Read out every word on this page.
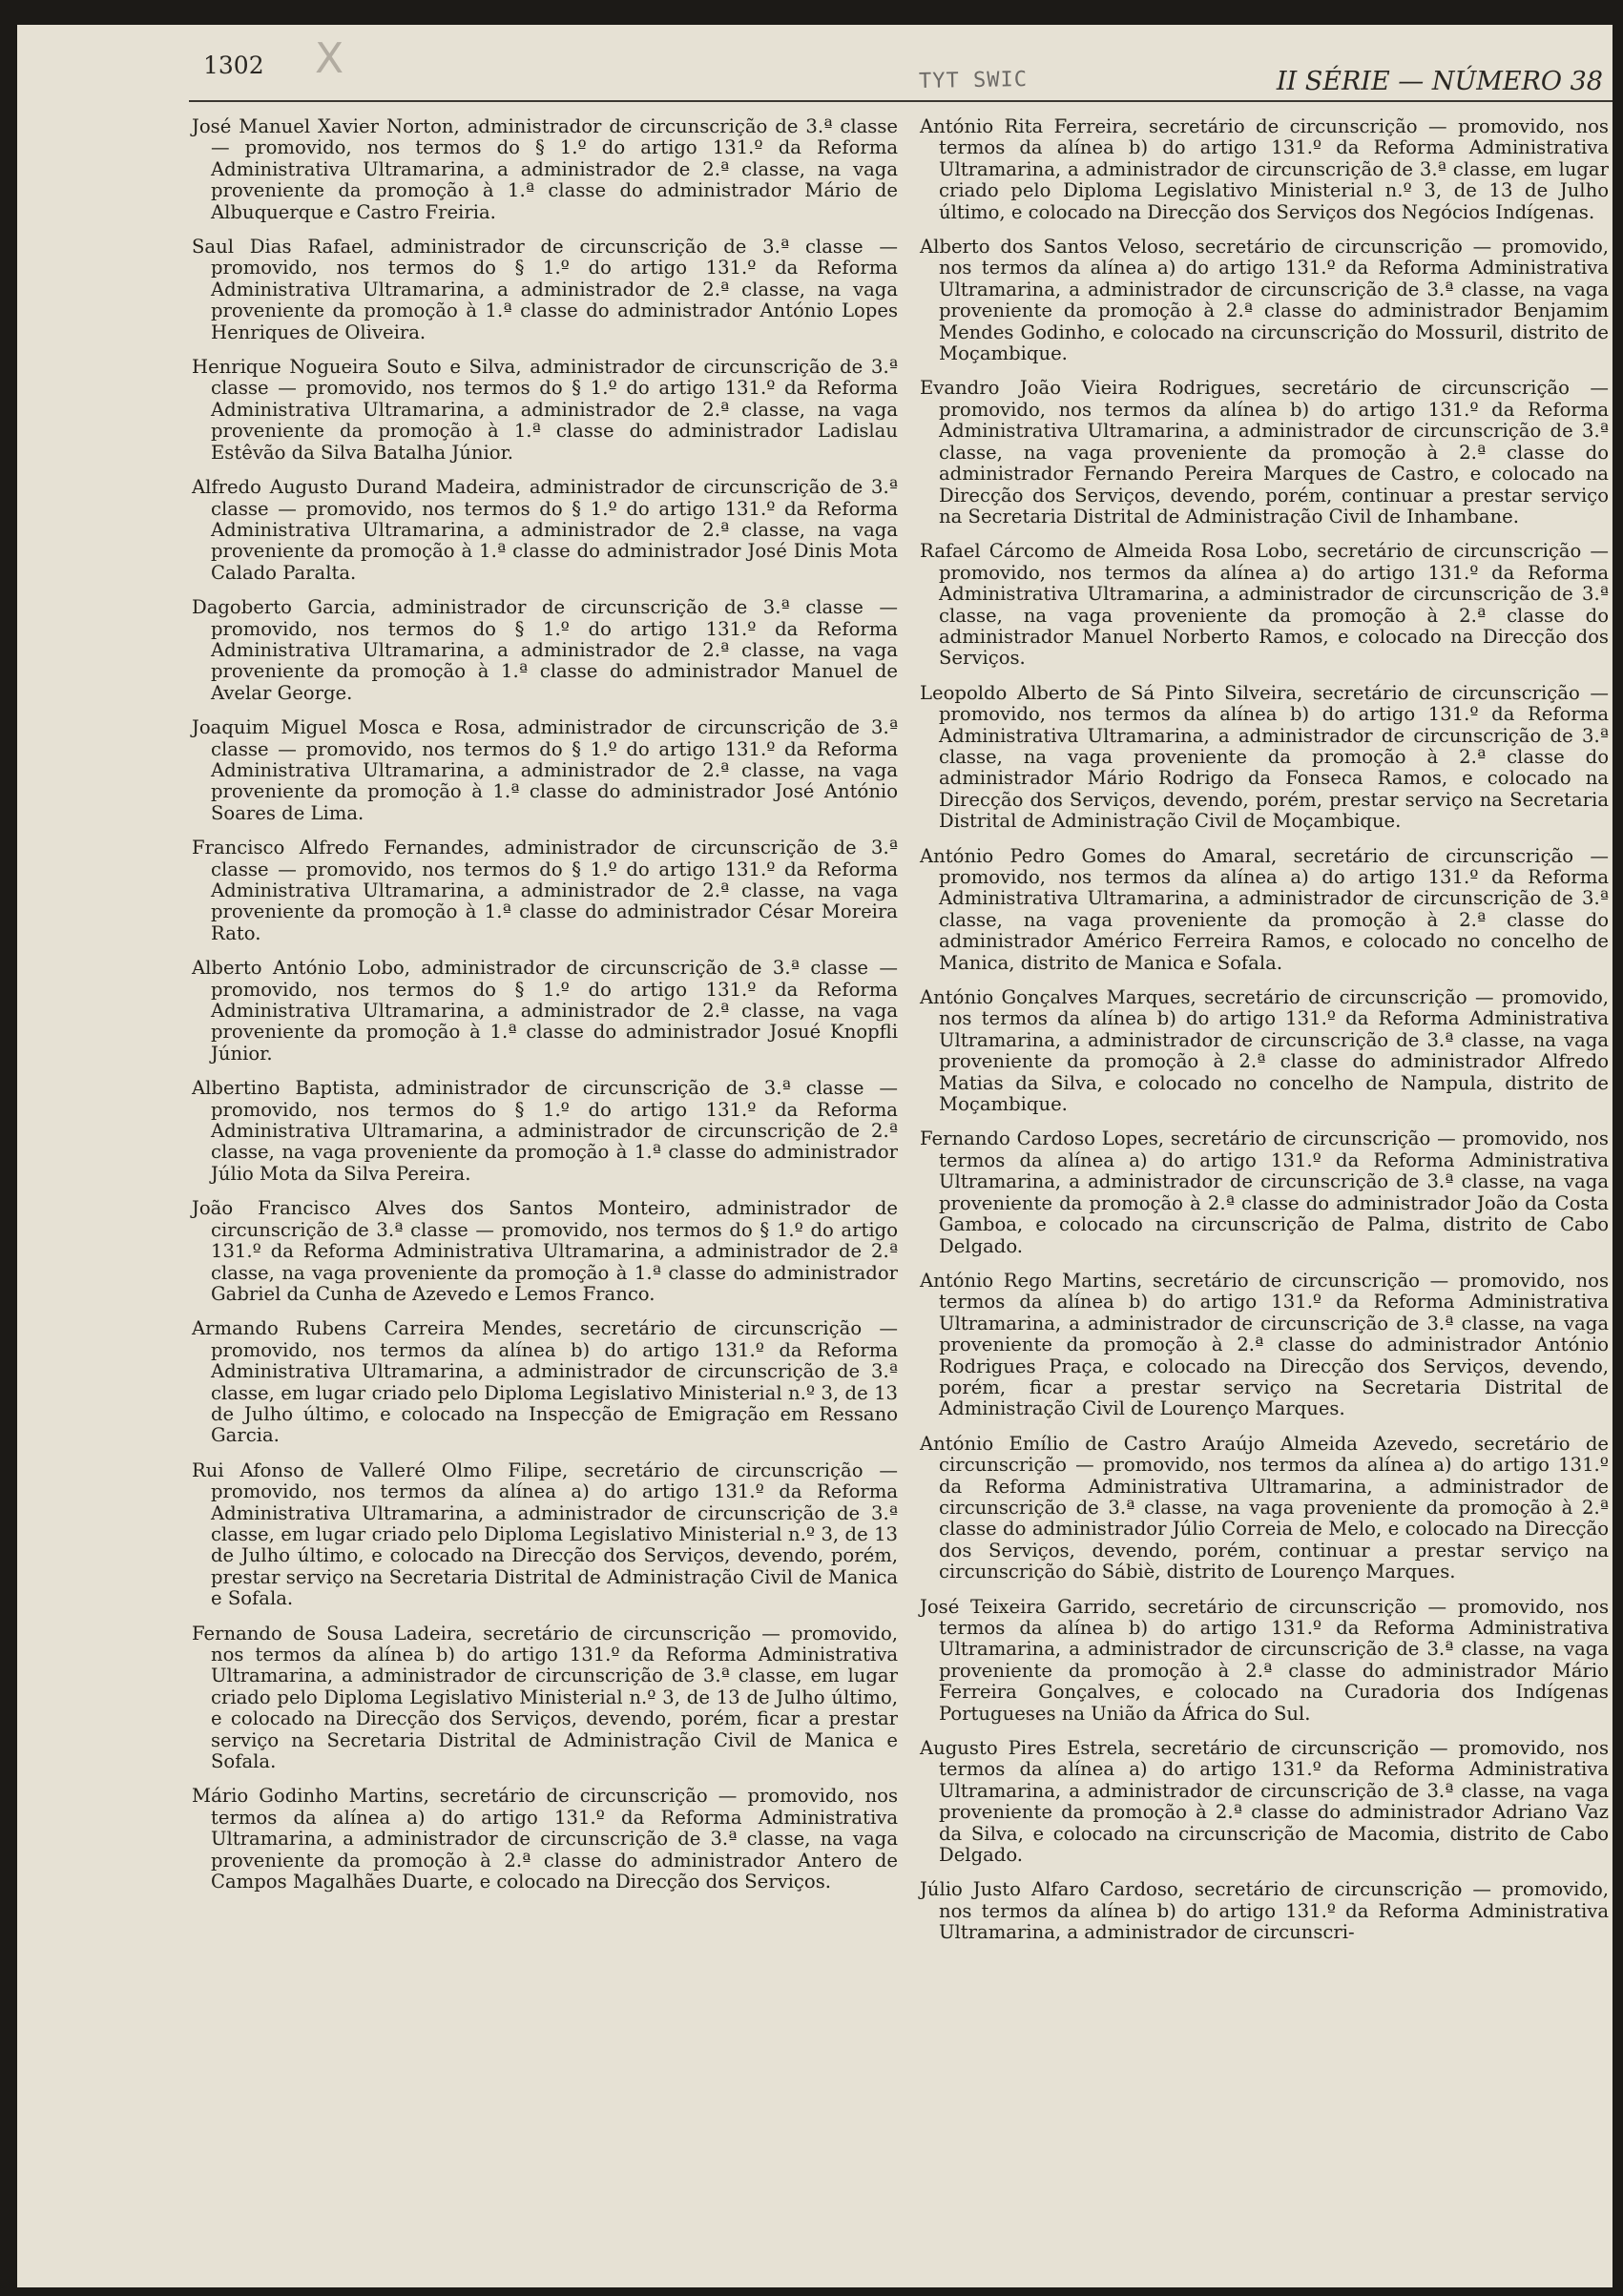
1302 X	ΤΥΤ SWIC	II SÉRIE — NÚMERO 38

José Manuel Xavier Norton, administrador de circunscrição de 3.ª classe — promovido, nos termos do § 1.º do artigo 131.º da Reforma Administrativa Ultramarina, a administrador de 2.ª classe, na vaga proveniente da promoção à 1.ª classe do administrador Mário de Albuquerque e Castro Freiria.

Saul Dias Rafael, administrador de circunscrição de 3.ª classe — promovido, nos termos do § 1.º do artigo 131.º da Reforma Administrativa Ultramarina, a administrador de 2.ª classe, na vaga proveniente da promoção à 1.ª classe do administrador António Lopes Henriques de Oliveira.

Henrique Nogueira Souto e Silva, administrador de circunscrição de 3.ª classe — promovido, nos termos do § 1.º do artigo 131.º da Reforma Administrativa Ultramarina, a administrador de 2.ª classe, na vaga proveniente da promoção à 1.ª classe do administrador Ladislau Estêvão da Silva Batalha Júnior.

Alfredo Augusto Durand Madeira, administrador de circunscrição de 3.ª classe — promovido, nos termos do § 1.º do artigo 131.º da Reforma Administrativa Ultramarina, a administrador de 2.ª classe, na vaga proveniente da promoção à 1.ª classe do administrador José Dinis Mota Calado Paralta.

Dagoberto Garcia, administrador de circunscrição de 3.ª classe — promovido, nos termos do § 1.º do artigo 131.º da Reforma Administrativa Ultramarina, a administrador de 2.ª classe, na vaga proveniente da promoção à 1.ª classe do administrador Manuel de Avelar George.

Joaquim Miguel Mosca e Rosa, administrador de circunscrição de 3.ª classe — promovido, nos termos do § 1.º do artigo 131.º da Reforma Administrativa Ultramarina, a administrador de 2.ª classe, na vaga proveniente da promoção à 1.ª classe do administrador José António Soares de Lima.

Francisco Alfredo Fernandes, administrador de circunscrição de 3.ª classe — promovido, nos termos do § 1.º do artigo 131.º da Reforma Administrativa Ultramarina, a administrador de 2.ª classe, na vaga proveniente da promoção à 1.ª classe do administrador César Moreira Rato.

Alberto António Lobo, administrador de circunscrição de 3.ª classe — promovido, nos termos do § 1.º do artigo 131.º da Reforma Administrativa Ultramarina, a administrador de 2.ª classe, na vaga proveniente da promoção à 1.ª classe do administrador Josué Knopfli Júnior.

Albertino Baptista, administrador de circunscrição de 3.ª classe — promovido, nos termos do § 1.º do artigo 131.º da Reforma Administrativa Ultramarina, a administrador de circunscrição de 2.ª classe, na vaga proveniente da promoção à 1.ª classe do administrador Júlio Mota da Silva Pereira.

João Francisco Alves dos Santos Monteiro, administrador de circunscrição de 3.ª classe — promovido, nos termos do § 1.º do artigo 131.º da Reforma Administrativa Ultramarina, a administrador de 2.ª classe, na vaga proveniente da promoção à 1.ª classe do administrador Gabriel da Cunha de Azevedo e Lemos Franco.

Armando Rubens Carreira Mendes, secretário de circunscrição — promovido, nos termos da alínea b) do artigo 131.º da Reforma Administrativa Ultramarina, a administrador de circunscrição de 3.ª classe, em lugar criado pelo Diploma Legislativo Ministerial n.º 3, de 13 de Julho último, e colocado na Inspecção de Emigração em Ressano Garcia.

Rui Afonso de Valleré Olmo Filipe, secretário de circunscrição — promovido, nos termos da alínea a) do artigo 131.º da Reforma Administrativa Ultramarina, a administrador de circunscrição de 3.ª classe, em lugar criado pelo Diploma Legislativo Ministerial n.º 3, de 13 de Julho último, e colocado na Direcção dos Serviços, devendo, porém, prestar serviço na Secretaria Distrital de Administração Civil de Manica e Sofala.

Fernando de Sousa Ladeira, secretário de circunscrição — promovido, nos termos da alínea b) do artigo 131.º da Reforma Administrativa Ultramarina, a administrador de circunscrição de 3.ª classe, em lugar criado pelo Diploma Legislativo Ministerial n.º 3, de 13 de Julho último, e colocado na Direcção dos Serviços, devendo, porém, ficar a prestar serviço na Secretaria Distrital de Administração Civil de Manica e Sofala.

Mário Godinho Martins, secretário de circunscrição — promovido, nos termos da alínea a) do artigo 131.º da Reforma Administrativa Ultramarina, a administrador de circunscrição de 3.ª classe, na vaga proveniente da promoção à 2.ª classe do administrador Antero de Campos Magalhães Duarte, e colocado na Direcção dos Serviços.

António Rita Ferreira, secretário de circunscrição — promovido, nos termos da alínea b) do artigo 131.º da Reforma Administrativa Ultramarina, a administrador de circunscrição de 3.ª classe, em lugar criado pelo Diploma Legislativo Ministerial n.º 3, de 13 de Julho último, e colocado na Direcção dos Serviços dos Negócios Indígenas.

Alberto dos Santos Veloso, secretário de circunscrição — promovido, nos termos da alínea a) do artigo 131.º da Reforma Administrativa Ultramarina, a administrador de circunscrição de 3.ª classe, na vaga proveniente da promoção à 2.ª classe do administrador Benjamim Mendes Godinho, e colocado na circunscrição do Mossuril, distrito de Moçambique.

Evandro João Vieira Rodrigues, secretário de circunscrição — promovido, nos termos da alínea b) do artigo 131.º da Reforma Administrativa Ultramarina, a administrador de circunscrição de 3.ª classe, na vaga proveniente da promoção à 2.ª classe do administrador Fernando Pereira Marques de Castro, e colocado na Direcção dos Serviços, devendo, porém, continuar a prestar serviço na Secretaria Distrital de Administração Civil de Inhambane.

Rafael Cárcomo de Almeida Rosa Lobo, secretário de circunscrição — promovido, nos termos da alínea a) do artigo 131.º da Reforma Administrativa Ultramarina, a administrador de circunscrição de 3.ª classe, na vaga proveniente da promoção à 2.ª classe do administrador Manuel Norberto Ramos, e colocado na Direcção dos Serviços.

Leopoldo Alberto de Sá Pinto Silveira, secretário de circunscrição — promovido, nos termos da alínea b) do artigo 131.º da Reforma Administrativa Ultramarina, a administrador de circunscrição de 3.ª classe, na vaga proveniente da promoção à 2.ª classe do administrador Mário Rodrigo da Fonseca Ramos, e colocado na Direcção dos Serviços, devendo, porém, prestar serviço na Secretaria Distrital de Administração Civil de Moçambique.

António Pedro Gomes do Amaral, secretário de circunscrição — promovido, nos termos da alínea a) do artigo 131.º da Reforma Administrativa Ultramarina, a administrador de circunscrição de 3.ª classe, na vaga proveniente da promoção à 2.ª classe do administrador Américo Ferreira Ramos, e colocado no concelho de Manica, distrito de Manica e Sofala.

António Gonçalves Marques, secretário de circunscrição — promovido, nos termos da alínea b) do artigo 131.º da Reforma Administrativa Ultramarina, a administrador de circunscrição de 3.ª classe, na vaga proveniente da promoção à 2.ª classe do administrador Alfredo Matias da Silva, e colocado no concelho de Nampula, distrito de Moçambique.

Fernando Cardoso Lopes, secretário de circunscrição — promovido, nos termos da alínea a) do artigo 131.º da Reforma Administrativa Ultramarina, a administrador de circunscrição de 3.ª classe, na vaga proveniente da promoção à 2.ª classe do administrador João da Costa Gamboa, e colocado na circunscrição de Palma, distrito de Cabo Delgado.

António Rego Martins, secretário de circunscrição — promovido, nos termos da alínea b) do artigo 131.º da Reforma Administrativa Ultramarina, a administrador de circunscrição de 3.ª classe, na vaga proveniente da promoção à 2.ª classe do administrador António Rodrigues Praça, e colocado na Direcção dos Serviços, devendo, porém, ficar a prestar serviço na Secretaria Distrital de Administração Civil de Lourenço Marques.

António Emílio de Castro Araújo Almeida Azevedo, secretário de circunscrição — promovido, nos termos da alínea a) do artigo 131.º da Reforma Administrativa Ultramarina, a administrador de circunscrição de 3.ª classe, na vaga proveniente da promoção à 2.ª classe do administrador Júlio Correia de Melo, e colocado na Direcção dos Serviços, devendo, porém, continuar a prestar serviço na circunscrição do Sábiè, distrito de Lourenço Marques.

José Teixeira Garrido, secretário de circunscrição — promovido, nos termos da alínea b) do artigo 131.º da Reforma Administrativa Ultramarina, a administrador de circunscrição de 3.ª classe, na vaga proveniente da promoção à 2.ª classe do administrador Mário Ferreira Gonçalves, e colocado na Curadoria dos Indígenas Portugueses na União da África do Sul.

Augusto Pires Estrela, secretário de circunscrição — promovido, nos termos da alínea a) do artigo 131.º da Reforma Administrativa Ultramarina, a administrador de circunscrição de 3.ª classe, na vaga proveniente da promoção à 2.ª classe do administrador Adriano Vaz da Silva, e colocado na circunscrição de Macomia, distrito de Cabo Delgado.

Júlio Justo Alfaro Cardoso, secretário de circunscrição — promovido, nos termos da alínea b) do artigo 131.º da Reforma Administrativa Ultramarina, a administrador de circunscri-
